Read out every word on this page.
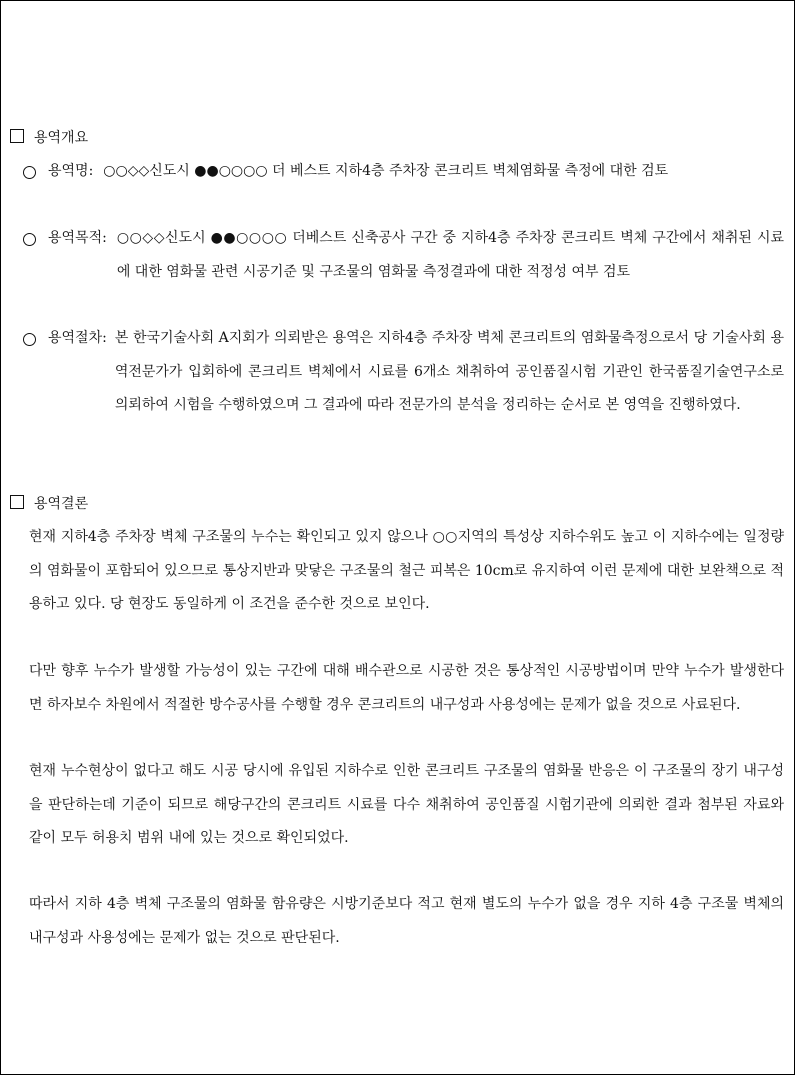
용역개요
용역명: ○○◇◇신도시 ●●○○○○ 더 베스트 지하4층 주차장 콘크리트 벽체염화물 측정에 대한 검토
용역목적: ○○◇◇신도시 ●●○○○○ 더베스트 신축공사 구간 중 지하4층 주차장 콘크리트 벽체 구간에서 채취된 시료에 대한 염화물 관련 시공기준 및 구조물의 염화물 측정결과에 대한 적정성 여부 검토
용역절차: 본 한국기술사회 A지회가 의뢰받은 용역은 지하4층 주차장 벽체 콘크리트의 염화물측정으로서 당 기술사회 용역전문가가 입회하에 콘크리트 벽체에서 시료를 6개소 채취하여 공인품질시험 기관인 한국품질기술연구소로 의뢰하여 시험을 수행하였으며 그 결과에 따라 전문가의 분석을 정리하는 순서로 본 영역을 진행하였다.
용역결론

현재 지하4층 주차장 벽체 구조물의 누수는 확인되고 있지 않으나 ○○지역의 특성상 지하수위도 높고 이 지하수에는 일정량의 염화물이 포함되어 있으므로 통상지반과 맞닿은 구조물의 철근 피복은 10cm로 유지하여 이런 문제에 대한 보완책으로 적용하고 있다. 당 현장도 동일하게 이 조건을 준수한 것으로 보인다.

다만 향후 누수가 발생할 가능성이 있는 구간에 대해 배수관으로 시공한 것은 통상적인 시공방법이며 만약 누수가 발생한다면 하자보수 차원에서 적절한 방수공사를 수행할 경우 콘크리트의 내구성과 사용성에는 문제가 없을 것으로 사료된다.

현재 누수현상이 없다고 해도 시공 당시에 유입된 지하수로 인한 콘크리트 구조물의 염화물 반응은 이 구조물의 장기 내구성을 판단하는데 기준이 되므로 해당구간의 콘크리트 시료를 다수 채취하여 공인품질 시험기관에 의뢰한 결과 첨부된 자료와 같이 모두 허용치 범위 내에 있는 것으로 확인되었다.

따라서 지하 4층 벽체 구조물의 염화물 함유량은 시방기준보다 적고 현재 별도의 누수가 없을 경우 지하 4층 구조물 벽체의 내구성과 사용성에는 문제가 없는 것으로 판단된다.
